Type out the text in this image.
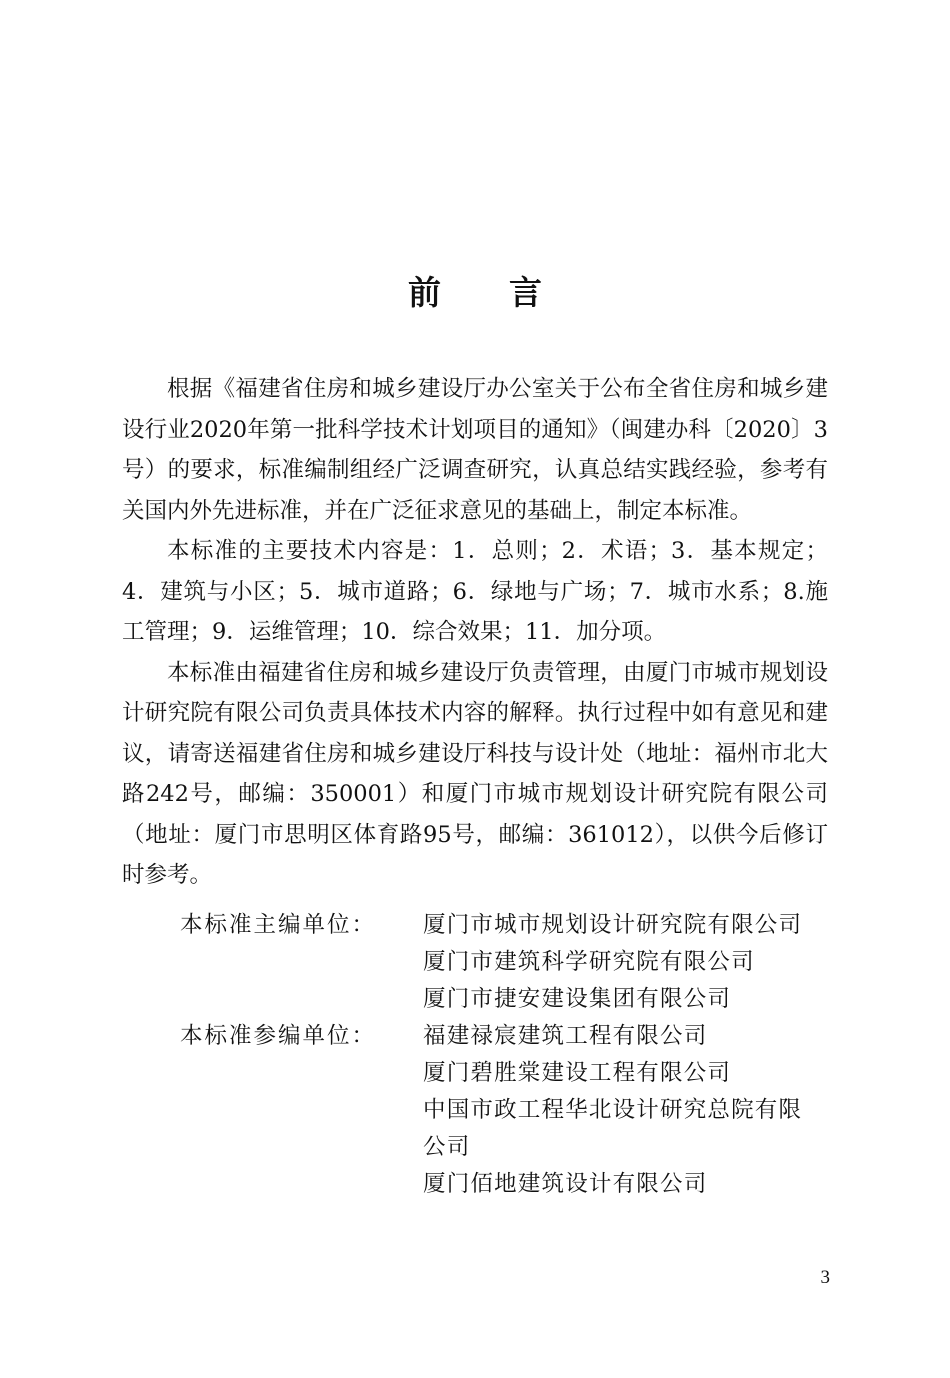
前言

根据《福建省住房和城乡建设厅办公室关于公布全省住房和城乡建设行业2020年第一批科学技术计划项目的通知》（闽建办科〔2020〕3号）的要求，标准编制组经广泛调查研究，认真总结实践经验，参考有关国内外先进标准，并在广泛征求意见的基础上，制定本标准。

本标准的主要技术内容是：1．总则；2．术语；3．基本规定；4．建筑与小区；5．城市道路；6．绿地与广场；7．城市水系；8.施工管理；9．运维管理；10．综合效果；11．加分项。

本标准由福建省住房和城乡建设厅负责管理，由厦门市城市规划设计研究院有限公司负责具体技术内容的解释。执行过程中如有意见和建议，请寄送福建省住房和城乡建设厅科技与设计处（地址：福州市北大路242号，邮编：350001）和厦门市城市规划设计研究院有限公司（地址：厦门市思明区体育路95号，邮编：361012），以供今后修订时参考。

本标准主编单位： 厦门市城市规划设计研究院有限公司
厦门市建筑科学研究院有限公司
厦门市捷安建设集团有限公司
本标准参编单位： 福建禄宸建筑工程有限公司
厦门碧胜棠建设工程有限公司
中国市政工程华北设计研究总院有限公司
厦门佰地建筑设计有限公司
3
